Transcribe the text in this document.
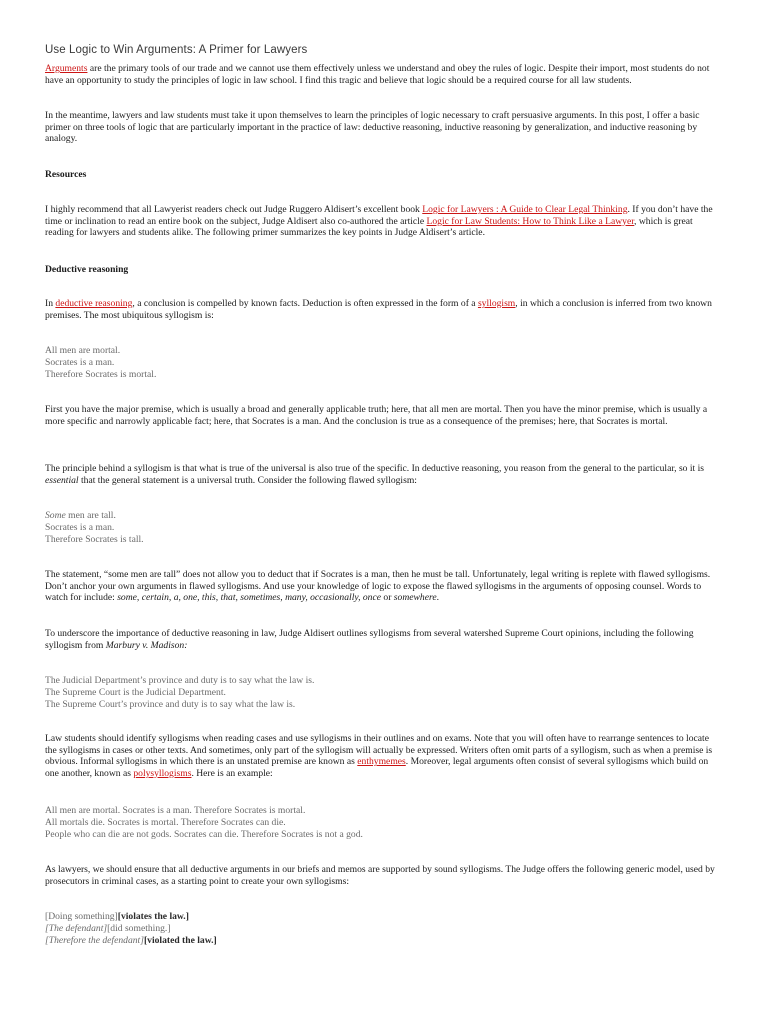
Use Logic to Win Arguments: A Primer for Lawyers

Arguments are the primary tools of our trade and we cannot use them effectively unless we understand and obey the rules of logic. Despite their import, most students do not have an opportunity to study the principles of logic in law school. I find this tragic and believe that logic should be a required course for all law students.

In the meantime, lawyers and law students must take it upon themselves to learn the principles of logic necessary to craft persuasive arguments. In this post, I offer a basic primer on three tools of logic that are particularly important in the practice of law: deductive reasoning, inductive reasoning by generalization, and inductive reasoning by analogy.

Resources

I highly recommend that all Lawyerist readers check out Judge Ruggero Aldisert’s excellent book Logic for Lawyers : A Guide to Clear Legal Thinking. If you don’t have the time or inclination to read an entire book on the subject, Judge Aldisert also co-authored the article Logic for Law Students: How to Think Like a Lawyer, which is great reading for lawyers and students alike. The following primer summarizes the key points in Judge Aldisert’s article.

Deductive reasoning

In deductive reasoning, a conclusion is compelled by known facts. Deduction is often expressed in the form of a syllogism, in which a conclusion is inferred from two known premises. The most ubiquitous syllogism is:

All men are mortal.
Socrates is a man.
Therefore Socrates is mortal.

First you have the major premise, which is usually a broad and generally applicable truth; here, that all men are mortal. Then you have the minor premise, which is usually a more specific and narrowly applicable fact; here, that Socrates is a man. And the conclusion is true as a consequence of the premises; here, that Socrates is mortal.

The principle behind a syllogism is that what is true of the universal is also true of the specific. In deductive reasoning, you reason from the general to the particular, so it is essential that the general statement is a universal truth. Consider the following flawed syllogism:

Some men are tall.
Socrates is a man.
Therefore Socrates is tall.

The statement, “some men are tall” does not allow you to deduct that if Socrates is a man, then he must be tall. Unfortunately, legal writing is replete with flawed syllogisms. Don’t anchor your own arguments in flawed syllogisms. And use your knowledge of logic to expose the flawed syllogisms in the arguments of opposing counsel. Words to watch for include: some, certain, a, one, this, that, sometimes, many, occasionally, once or somewhere.

To underscore the importance of deductive reasoning in law, Judge Aldisert outlines syllogisms from several watershed Supreme Court opinions, including the following syllogism from Marbury v. Madison:

The Judicial Department’s province and duty is to say what the law is.
The Supreme Court is the Judicial Department.
The Supreme Court’s province and duty is to say what the law is.

Law students should identify syllogisms when reading cases and use syllogisms in their outlines and on exams. Note that you will often have to rearrange sentences to locate the syllogisms in cases or other texts. And sometimes, only part of the syllogism will actually be expressed. Writers often omit parts of a syllogism, such as when a premise is obvious. Informal syllogisms in which there is an unstated premise are known as enthymemes. Moreover, legal arguments often consist of several syllogisms which build on one another, known as polysyllogisms. Here is an example:

All men are mortal. Socrates is a man. Therefore Socrates is mortal.
All mortals die. Socrates is mortal. Therefore Socrates can die.
People who can die are not gods. Socrates can die. Therefore Socrates is not a god.

As lawyers, we should ensure that all deductive arguments in our briefs and memos are supported by sound syllogisms. The Judge offers the following generic model, used by prosecutors in criminal cases, as a starting point to create your own syllogisms:

[Doing something][violates the law.]
[The defendant][did something.]
[Therefore the defendant][violated the law.]
